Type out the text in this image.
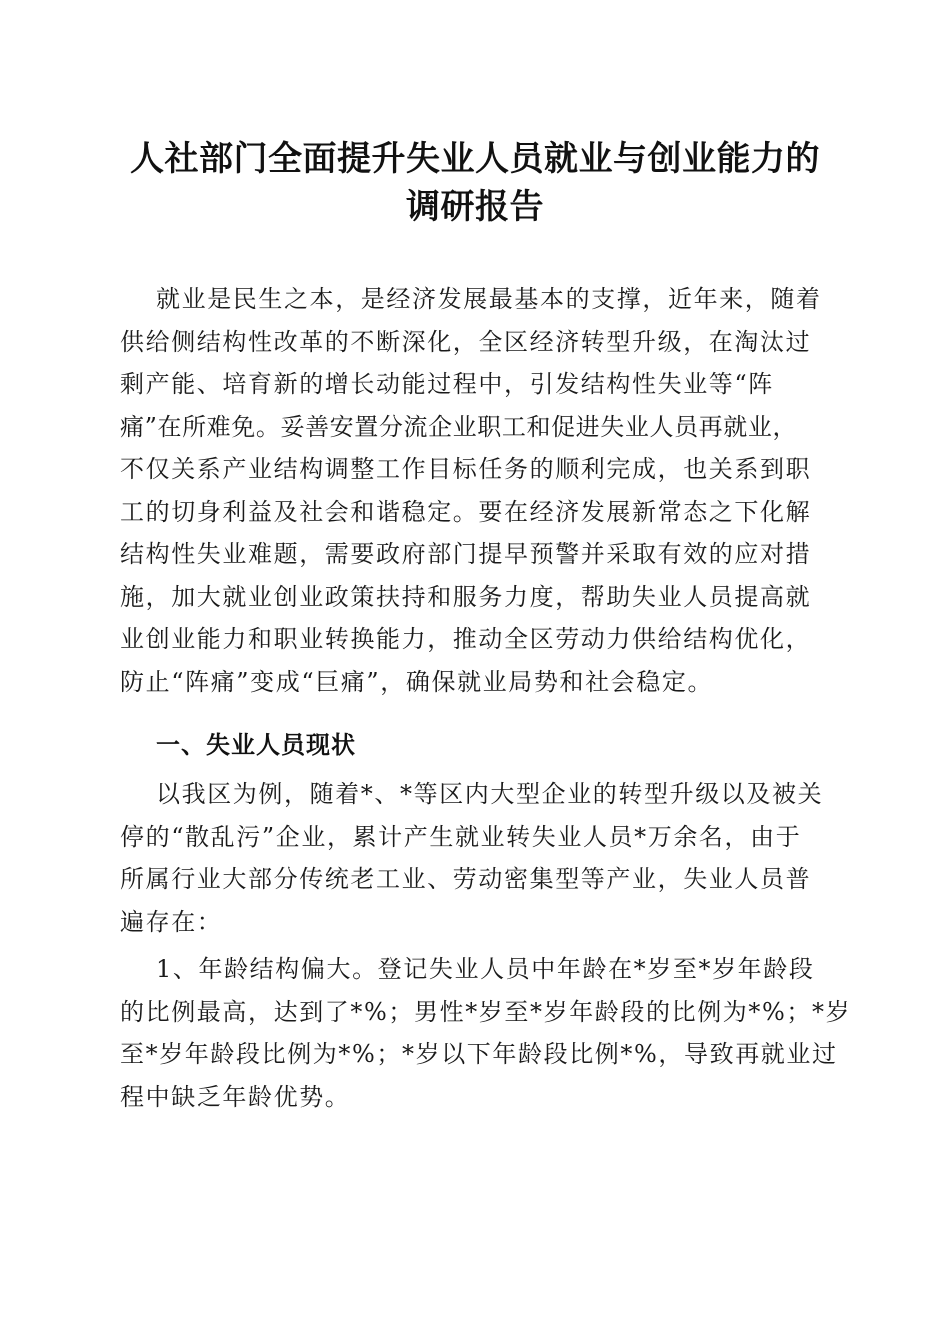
人社部门全面提升失业人员就业与创业能力的
调研报告
就业是民生之本，是经济发展最基本的支撑，近年来，随着
供给侧结构性改革的不断深化，全区经济转型升级，在淘汰过
剩产能、培育新的增长动能过程中，引发结构性失业等“阵
痛”在所难免。妥善安置分流企业职工和促进失业人员再就业，
不仅关系产业结构调整工作目标任务的顺利完成，也关系到职
工的切身利益及社会和谐稳定。要在经济发展新常态之下化解
结构性失业难题，需要政府部门提早预警并采取有效的应对措
施，加大就业创业政策扶持和服务力度，帮助失业人员提高就
业创业能力和职业转换能力，推动全区劳动力供给结构优化，
防止“阵痛”变成“巨痛”，确保就业局势和社会稳定。
一、失业人员现状
以我区为例，随着*、*等区内大型企业的转型升级以及被关
停的“散乱污”企业，累计产生就业转失业人员*万余名，由于
所属行业大部分传统老工业、劳动密集型等产业，失业人员普
遍存在：
1、年龄结构偏大。登记失业人员中年龄在*岁至*岁年龄段
的比例最高，达到了*%；男性*岁至*岁年龄段的比例为*%；*岁
至*岁年龄段比例为*%；*岁以下年龄段比例*%，导致再就业过
程中缺乏年龄优势。
